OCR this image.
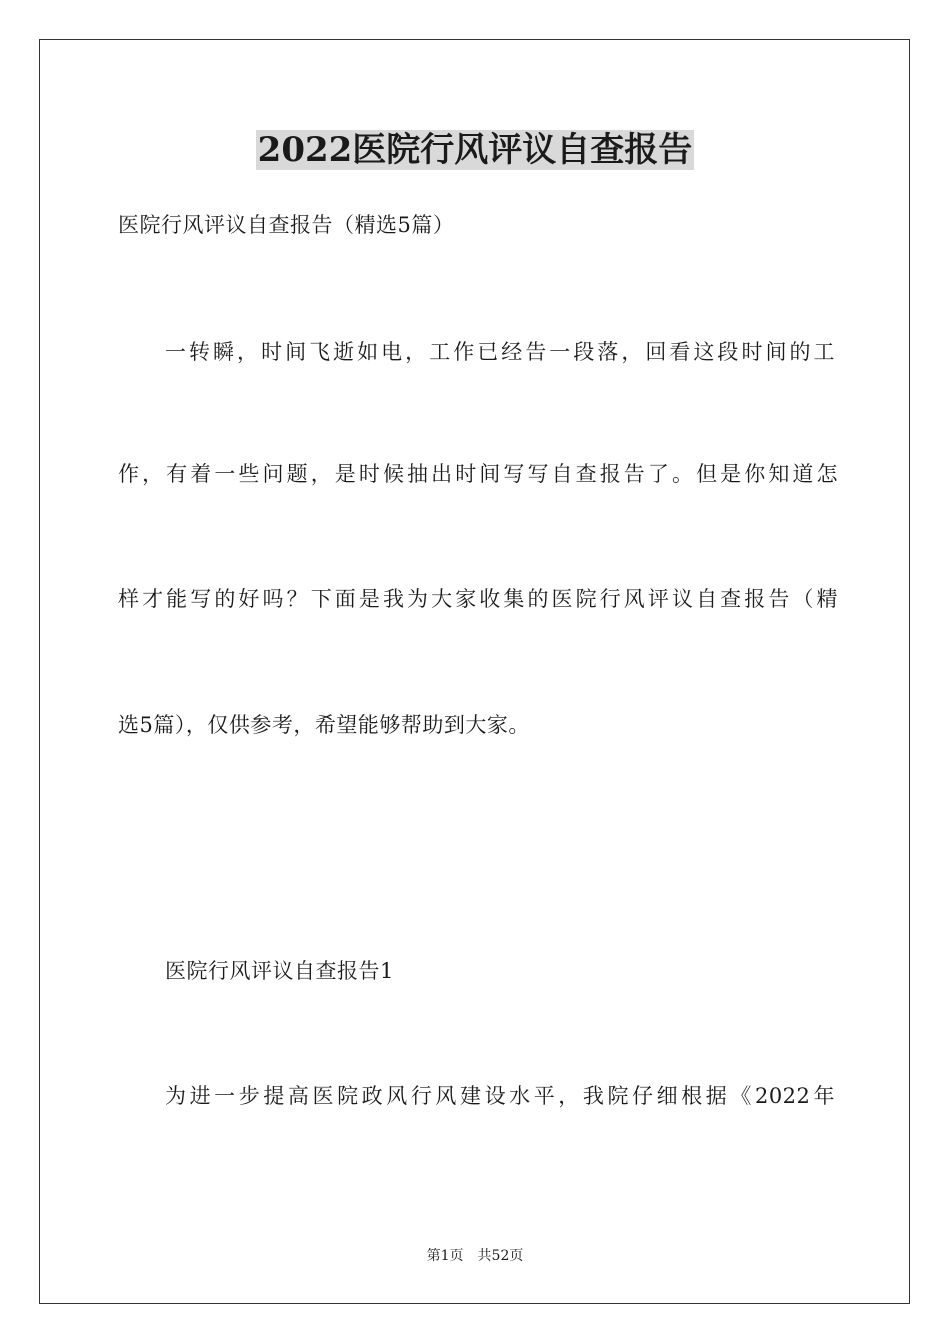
2022医院行风评议自查报告
医院行风评议自查报告（精选5篇）
一转瞬，时间飞逝如电，工作已经告一段落，回看这段时间的工
作，有着一些问题，是时候抽出时间写写自查报告了。但是你知道怎
样才能写的好吗？下面是我为大家收集的医院行风评议自查报告（精
选5篇），仅供参考，希望能够帮助到大家。
医院行风评议自查报告1
为进一步提高医院政风行风建设水平，我院仔细根据《2022年
第1页 共52页
